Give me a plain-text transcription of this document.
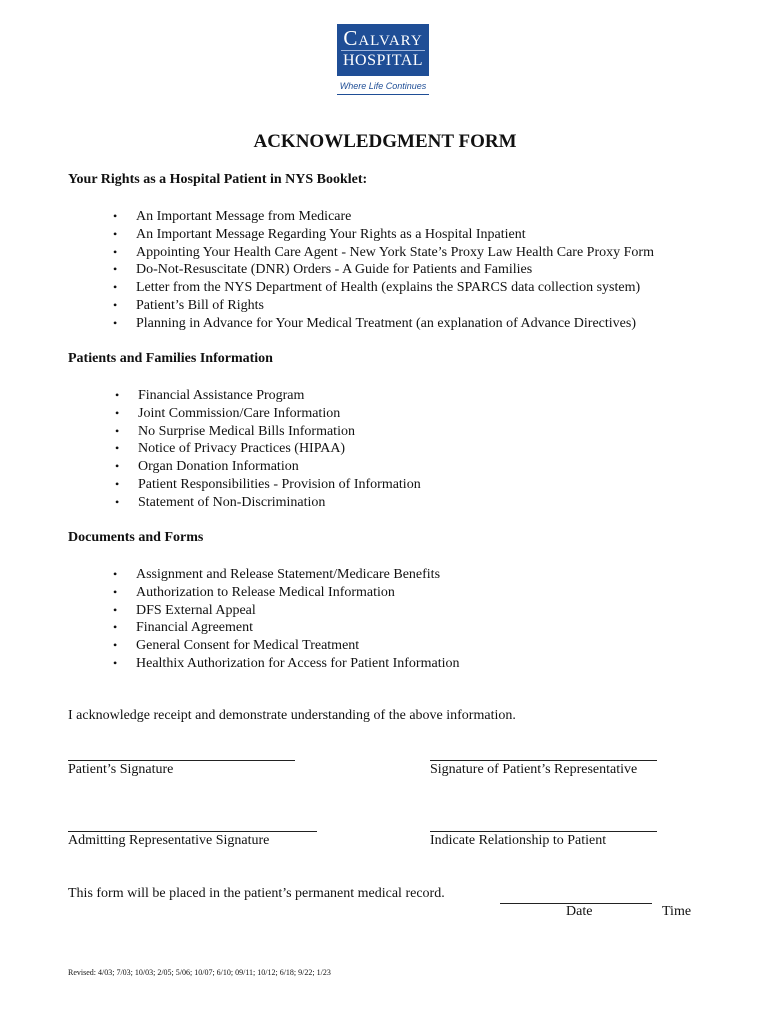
Calvary
HOSPITAL
Where Life Continues
ACKNOWLEDGMENT FORM
Your Rights as a Hospital Patient in NYS Booklet:
• An Important Message from Medicare
• An Important Message Regarding Your Rights as a Hospital Inpatient
• Appointing Your Health Care Agent - New York State’s Proxy Law Health Care Proxy Form
• Do-Not-Resuscitate (DNR) Orders - A Guide for Patients and Families
• Letter from the NYS Department of Health (explains the SPARCS data collection system)
• Patient’s Bill of Rights
• Planning in Advance for Your Medical Treatment (an explanation of Advance Directives)
Patients and Families Information
• Financial Assistance Program
• Joint Commission/Care Information
• No Surprise Medical Bills Information
• Notice of Privacy Practices (HIPAA)
• Organ Donation Information
• Patient Responsibilities - Provision of Information
• Statement of Non-Discrimination
Documents and Forms
• Assignment and Release Statement/Medicare Benefits
• Authorization to Release Medical Information
• DFS External Appeal
• Financial Agreement
• General Consent for Medical Treatment
• Healthix Authorization for Access for Patient Information
I acknowledge receipt and demonstrate understanding of the above information.
Patient’s Signature	Signature of Patient’s Representative
Admitting Representative Signature	Indicate Relationship to Patient
This form will be placed in the patient’s permanent medical record.
Date	Time
Revised: 4/03; 7/03; 10/03; 2/05; 5/06; 10/07; 6/10; 09/11; 10/12; 6/18; 9/22; 1/23
